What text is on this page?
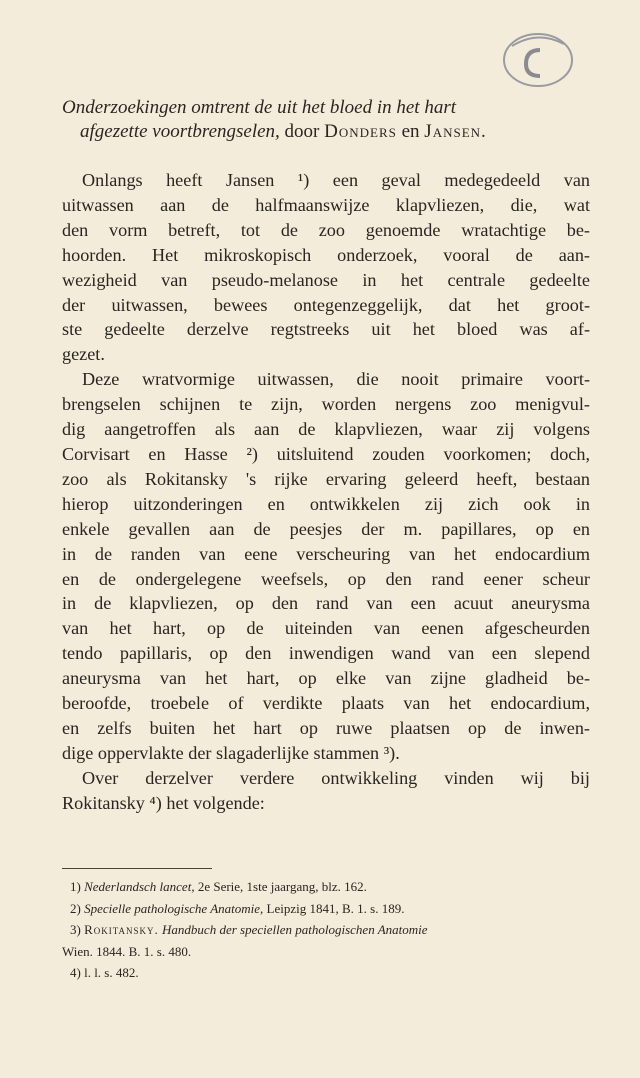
Onderzoekingen omtrent de uit het bloed in het hart
afgezette voortbrengselen, door Donders en Jansen.
Onlangs heeft Jansen ¹) een geval medegedeeld van
uitwassen aan de halfmaanswijze klapvliezen, die, wat
den vorm betreft, tot de zoo genoemde wratachtige be-
hoorden. Het mikroskopisch onderzoek, vooral de aan-
wezigheid van pseudo-melanose in het centrale gedeelte
der uitwassen, bewees ontegenzeggelijk, dat het groot-
ste gedeelte derzelve regtstreeks uit het bloed was af-
gezet.
Deze wratvormige uitwassen, die nooit primaire voort-
brengselen schijnen te zijn, worden nergens zoo menigvul-
dig aangetroffen als aan de klapvliezen, waar zij volgens
Corvisart en Hasse ²) uitsluitend zouden voorkomen; doch,
zoo als Rokitansky 's rijke ervaring geleerd heeft, bestaan
hierop uitzonderingen en ontwikkelen zij zich ook in
enkele gevallen aan de peesjes der m. papillares, op en
in de randen van eene verscheuring van het endocardium
en de ondergelegene weefsels, op den rand eener scheur
in de klapvliezen, op den rand van een acuut aneurysma
van het hart, op de uiteinden van eenen afgescheurden
tendo papillaris, op den inwendigen wand van een slepend
aneurysma van het hart, op elke van zijne gladheid be-
beroofde, troebele of verdikte plaats van het endocardium,
en zelfs buiten het hart op ruwe plaatsen op de inwen-
dige oppervlakte der slagaderlijke stammen ³).
Over derzelver verdere ontwikkeling vinden wij bij
Rokitansky ⁴) het volgende:
1) Nederlandsch lancet, 2e Serie, 1ste jaargang, blz. 162.
2) Specielle pathologische Anatomie, Leipzig 1841, B. 1. s. 189.
3) Rokitansky. Handbuch der speciellen pathologischen Anatomie
Wien. 1844. B. 1. s. 480.
4) l. l. s. 482.
